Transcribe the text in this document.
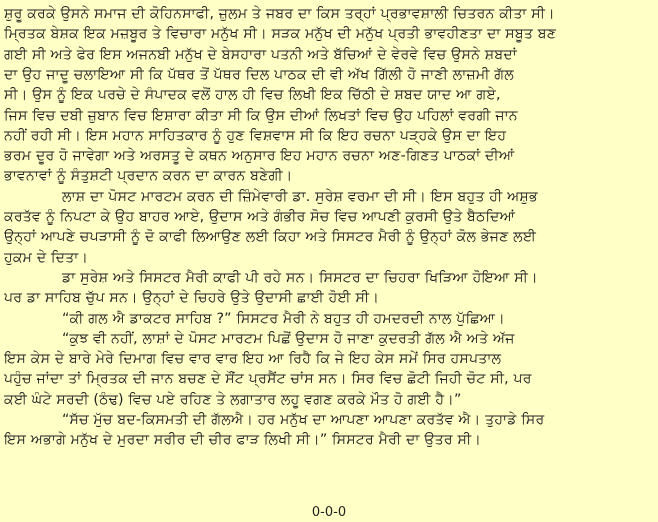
ਸ਼ੁਰੂ ਕਰਕੇ ਉਸਨੇ ਸਮਾਜ ਦੀ ਕੋਹਿਨਸਾਫੀ, ਜ਼ੁਲਮ ਤੇ ਜਬਰ ਦਾ ਕਿਸ ਤਰ੍ਹਾਂ ਪ੍ਰਭਾਵਸ਼ਾਲੀ ਚਿਤਰਨ ਕੀਤਾ ਸੀ।
ਮ੍ਰਿਤਕ ਬੇਸ਼ਕ ਇਕ ਮਜ਼ਬੂਰ ਤੇ ਵਿਚਾਰਾ ਮਨੁੱਖ ਸੀ। ਸੜਕ ਮਨੁੱਖ ਦੀ ਮਨੁੱਖ ਪ੍ਰਤੀ ਭਾਵਹੀਣਤਾ ਦਾ ਸਬੂਤ ਬਣ
ਗਈ ਸੀ ਅਤੇ ਫੇਰ ਇਸ ਅਜਨਬੀ ਮਨੁੱਖ ਦੇ ਬੇਸਹਾਰਾ ਪਤਨੀ ਅਤੇ ਬੱਚਿਆਂ ਦੇ ਵੇਰਵੇ ਵਿਚ ਉਸਨੇ ਸ਼ਬਦਾਂ
ਦਾ ਉਹ ਜਾਦੂ ਚਲਾਇਆ ਸੀ ਕਿ ਪੱਥਰ ਤੋਂ ਪੱਥਰ ਦਿਲ ਪਾਠਕ ਦੀ ਵੀ ਅੱਖ ਗਿੱਲੀ ਹੋ ਜਾਣੀ ਲਾਜ਼ਮੀ ਗੱਲ
ਸੀ। ਉਸ ਨੂੰ ਇਕ ਪਰਚੇ ਦੇ ਸੰਪਾਦਕ ਵਲੋਂ ਹਾਲ ਹੀ ਵਿਚ ਲਿਖੀ ਇਕ ਚਿੱਠੀ ਦੇ ਸ਼ਬਦ ਯਾਦ ਆ ਗਏ,
ਜਿਸ ਵਿਚ ਦਬੀ ਜ਼ੁਬਾਨ ਵਿਚ ਇਸ਼ਾਰਾ ਕੀਤਾ ਸੀ ਕਿ ਉਸ ਦੀਆਂ ਲਿਖਤਾਂ ਵਿਚ ਉਹ ਪਹਿਲਾਂ ਵਰਗੀ ਜਾਨ
ਨਹੀਂ ਰਹੀ ਸੀ। ਇਸ ਮਹਾਨ ਸਾਹਿਤਕਾਰ ਨੂੰ ਹੁਣ ਵਿਸ਼ਵਾਸ ਸੀ ਕਿ ਇਹ ਰਚਨਾ ਪੜ੍ਹਕੇ ਉਸ ਦਾ ਇਹ
ਭਰਮ ਦੂਰ ਹੋ ਜਾਵੇਗਾ ਅਤੇ ਅਰਸਤੂ ਦੇ ਕਥਨ ਅਨੁਸਾਰ ਇਹ ਮਹਾਨ ਰਚਨਾ ਅਣ-ਗਿਣਤ ਪਾਠਕਾਂ ਦੀਆਂ
ਭਾਵਨਾਵਾਂ ਨੂੰ ਸੰਤੁਸ਼ਟੀ ਪ੍ਰਦਾਨ ਕਰਨ ਦਾ ਕਾਰਨ ਬਣੇਗੀ।
ਲਾਸ਼ ਦਾ ਪੋਸਟ ਮਾਰਟਮ ਕਰਨ ਦੀ ਜ਼ਿੰਮੇਵਾਰੀ ਡਾ. ਸੁਰੇਸ਼ ਵਰਮਾ ਦੀ ਸੀ। ਇਸ ਬਹੁਤ ਹੀ ਅਸ਼ੁਭ
ਕਰਤੱਵ ਨੂੰ ਨਿਪਟਾ ਕੇ ਉਹ ਬਾਹਰ ਆਏ, ਉਦਾਸ ਅਤੇ ਗੰਭੀਰ ਸੋਚ ਵਿਚ ਆਪਣੀ ਕੁਰਸੀ ਉਤੇ ਬੈਠਦਿਆਂ
ਉਨ੍ਹਾਂ ਆਪਣੇ ਚਪੜਾਸੀ ਨੂੰ ਦੋ ਕਾਫੀ ਲਿਆਉਣ ਲਈ ਕਿਹਾ ਅਤੇ ਸਿਸਟਰ ਮੈਰੀ ਨੂੰ ਉਨ੍ਹਾਂ ਕੋਲ ਭੇਜਣ ਲਈ
ਹੁਕਮ ਦੇ ਦਿਤਾ।
ਡਾ ਸੁਰੇਸ਼ ਅਤੇ ਸਿਸਟਰ ਮੈਰੀ ਕਾਫੀ ਪੀ ਰਹੇ ਸਨ। ਸਿਸਟਰ ਦਾ ਚਿਹਰਾ ਖਿੜਿਆ ਹੋਇਆ ਸੀ।
ਪਰ ਡਾ ਸਾਹਿਬ ਚੁੱਪ ਸਨ। ਉਨ੍ਹਾਂ ਦੇ ਚਿਹਰੇ ਉਤੇ ਉਦਾਸੀ ਛਾਈ ਹੋਈ ਸੀ।
“ਕੀ ਗਲ ਐ ਡਾਕਟਰ ਸਾਹਿਬ ?” ਸਿਸਟਰ ਮੈਰੀ ਨੇ ਬਹੁਤ ਹੀ ਹਮਦਰਦੀ ਨਾਲ ਪੁੱਛਿਆ।
“ਕੁਝ ਵੀ ਨਹੀਂ, ਲਾਸ਼ਾਂ ਦੇ ਪੋਸਟ ਮਾਰਟਮ ਪਿਛੋਂ ਉਦਾਸ ਹੋ ਜਾਣਾ ਕੁਦਰਤੀ ਗੱਲ ਐ ਅਤੇ ਅੱਜ
ਇਸ ਕੇਸ ਦੇ ਬਾਰੇ ਮੇਰੇ ਦਿਮਾਗ ਵਿਚ ਵਾਰ ਵਾਰ ਇਹ ਆ ਰਿਹੈ ਕਿ ਜੇ ਇਹ ਕੇਸ ਸਮੇਂ ਸਿਰ ਹਸਪਤਾਲ
ਪਹੁੰਚ ਜਾਂਦਾ ਤਾਂ ਮ੍ਰਿਤਕ ਦੀ ਜਾਨ ਬਚਣ ਦੇ ਸੌਂਟ ਪ੍ਰਸੈਂਟ ਚਾਂਸ ਸਨ। ਸਿਰ ਵਿਚ ਛੋਟੀ ਜਿਹੀ ਚੋਟ ਸੀ, ਪਰ
ਕਈ ਘੰਟੇ ਸਰਦੀ (ਠੰਢ) ਵਿਚ ਪਏ ਰਹਿਣ ਤੇ ਲਗਾਤਾਰ ਲਹੂ ਵਗਣ ਕਰਕੇ ਮੌਤ ਹੋ ਗਈ ਹੈ।”
“ਸੱਚ ਮੁੱਚ ਬਦ-ਕਿਸਮਤੀ ਦੀ ਗੱਲਐ। ਹਰ ਮਨੁੱਖ ਦਾ ਆਪਣਾ ਆਪਣਾ ਕਰਤੱਵ ਐ। ਤੁਹਾਡੇ ਸਿਰ
ਇਸ ਅਭਾਗੇ ਮਨੁੱਖ ਦੇ ਮੁਰਦਾ ਸਰੀਰ ਦੀ ਚੀਰ ਫਾੜ ਲਿਖੀ ਸੀ।” ਸਿਸਟਰ ਮੈਰੀ ਦਾ ਉਤਰ ਸੀ।
0-0-0
